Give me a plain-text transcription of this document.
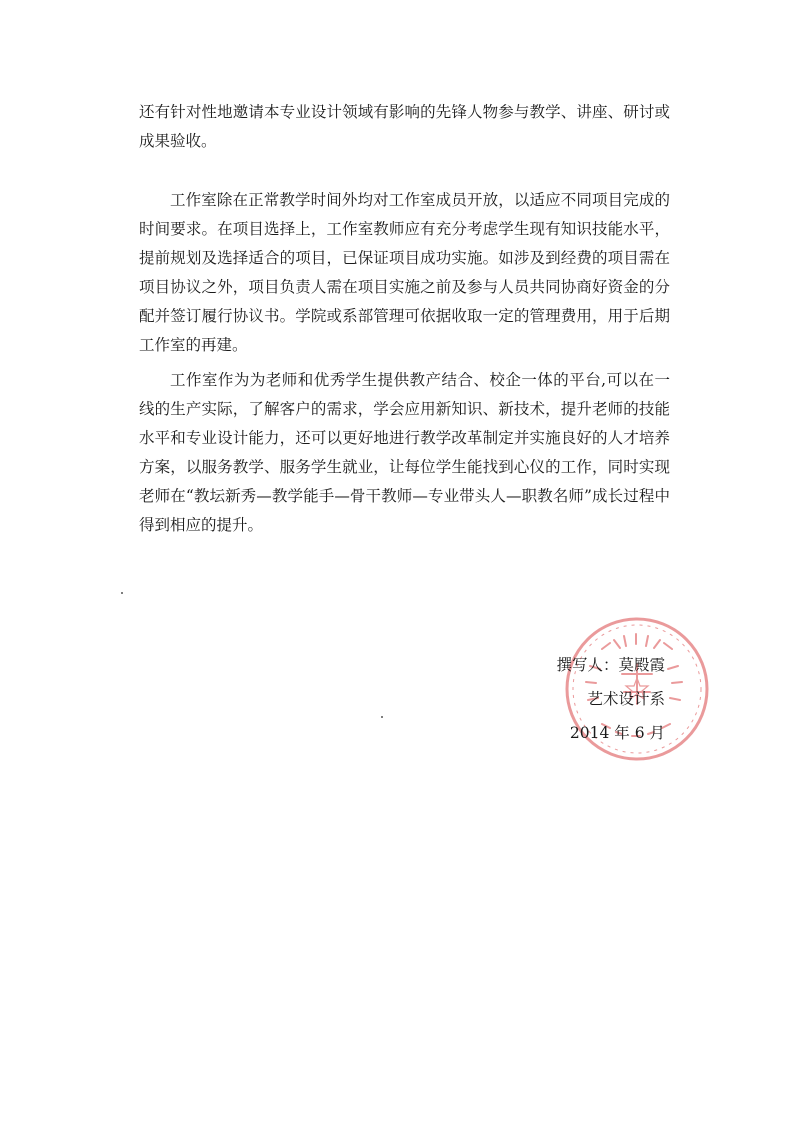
还有针对性地邀请本专业设计领域有影响的先锋人物参与教学、讲座、研讨或成果验收。

工作室除在正常教学时间外均对工作室成员开放，以适应不同项目完成的时间要求。在项目选择上，工作室教师应有充分考虑学生现有知识技能水平，提前规划及选择适合的项目，已保证项目成功实施。如涉及到经费的项目需在项目协议之外，项目负责人需在项目实施之前及参与人员共同协商好资金的分配并签订履行协议书。学院或系部管理可依据收取一定的管理费用，用于后期工作室的再建。

工作室作为为老师和优秀学生提供教产结合、校企一体的平台,可以在一线的生产实际，了解客户的需求，学会应用新知识、新技术，提升老师的技能水平和专业设计能力，还可以更好地进行教学改革制定并实施良好的人才培养方案，以服务教学、服务学生就业，让每位学生能找到心仪的工作，同时实现老师在“教坛新秀—教学能手—骨干教师—专业带头人—职教名师”成长过程中得到相应的提升。

撰写人：莫殿霞
艺术设计系
2014 年 6 月
